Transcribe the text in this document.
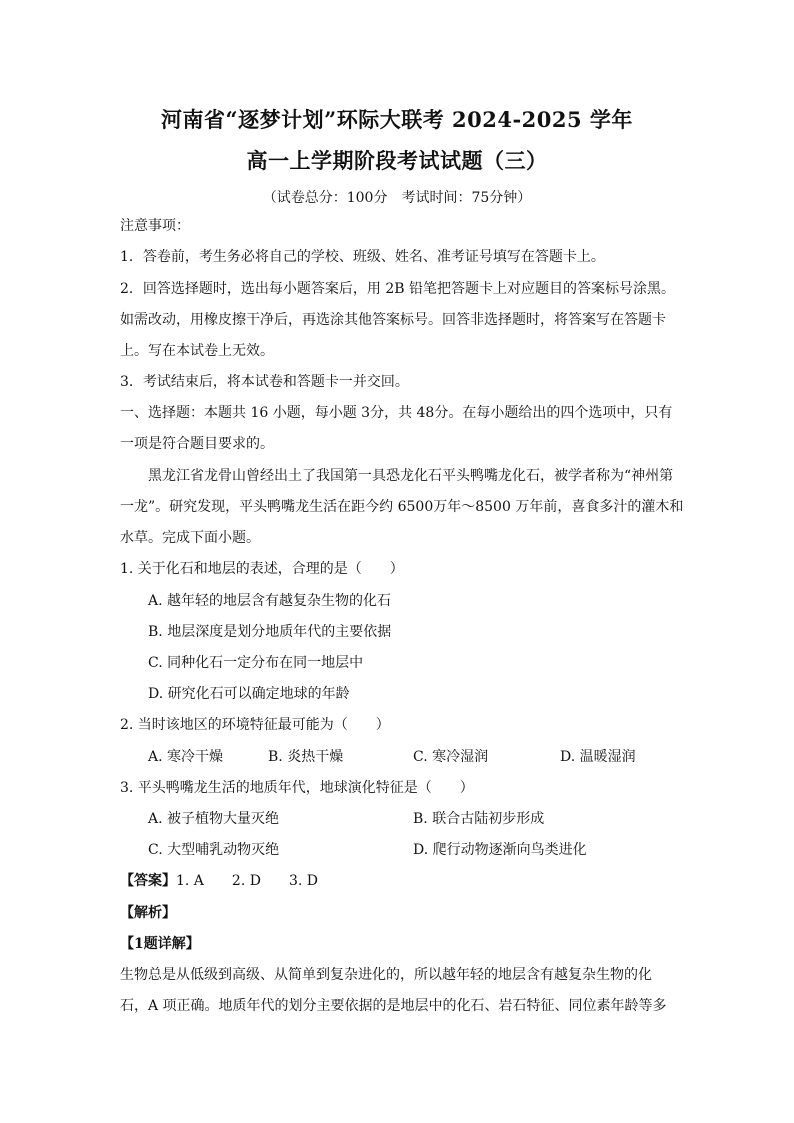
河南省“逐梦计划”环际大联考 2024-2025 学年
高一上学期阶段考试试题（三）
（试卷总分：100分　考试时间：75分钟）
注意事项：
1．答卷前，考生务必将自己的学校、班级、姓名、准考证号填写在答题卡上。
2．回答选择题时，选出每小题答案后，用 2B 铅笔把答题卡上对应题目的答案标号涂黑。
如需改动，用橡皮擦干净后，再选涂其他答案标号。回答非选择题时，将答案写在答题卡
上。写在本试卷上无效。
3．考试结束后，将本试卷和答题卡一并交回。
一、选择题：本题共 16 小题，每小题 3分，共 48分。在每小题给出的四个选项中，只有
一项是符合题目要求的。
黑龙江省龙骨山曾经出土了我国第一具恐龙化石平头鸭嘴龙化石，被学者称为“神州第
一龙”。研究发现，平头鸭嘴龙生活在距今约 6500万年～8500 万年前，喜食多汁的灌木和
水草。完成下面小题。
1. 关于化石和地层的表述，合理的是（　　）
A. 越年轻的地层含有越复杂生物的化石
B. 地层深度是划分地质年代的主要依据
C. 同种化石一定分布在同一地层中
D. 研究化石可以确定地球的年龄
2. 当时该地区的环境特征最可能为（　　）
A. 寒冷干燥	B. 炎热干燥	C. 寒冷湿润	D. 温暖湿润
3. 平头鸭嘴龙生活的地质年代，地球演化特征是（　　）
A. 被子植物大量灭绝	B. 联合古陆初步形成
C. 大型哺乳动物灭绝	D. 爬行动物逐渐向鸟类进化
【答案】1. A　　2. D　　3. D
【解析】
【1题详解】
生物总是从低级到高级、从简单到复杂进化的，所以越年轻的地层含有越复杂生物的化
石，A 项正确。地质年代的划分主要依据的是地层中的化石、岩石特征、同位素年龄等多
